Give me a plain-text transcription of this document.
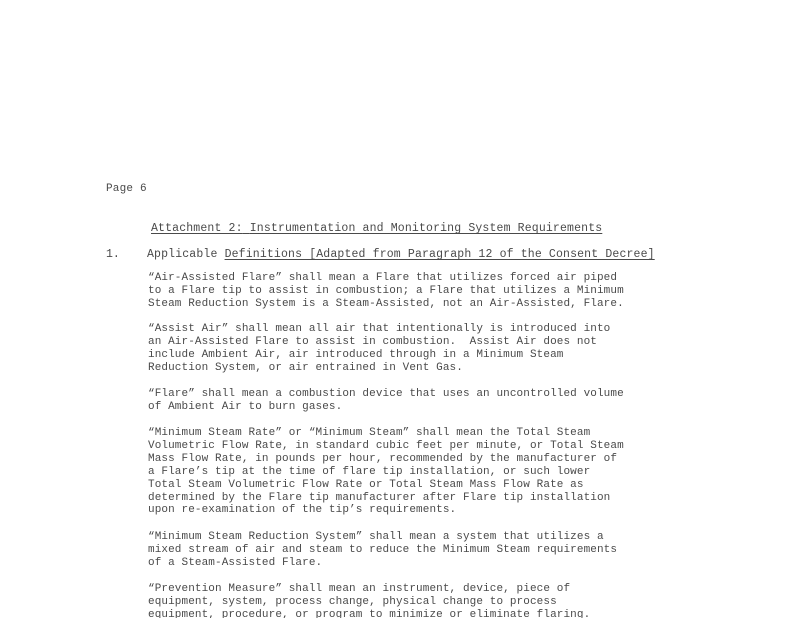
Page 6
Attachment 2: Instrumentation and Monitoring System Requirements
1. Applicable Definitions [Adapted from Paragraph 12 of the Consent Decree]
“Air-Assisted Flare” shall mean a Flare that utilizes forced air piped
to a Flare tip to assist in combustion; a Flare that utilizes a Minimum
Steam Reduction System is a Steam-Assisted, not an Air-Assisted, Flare.
“Assist Air” shall mean all air that intentionally is introduced into
an Air-Assisted Flare to assist in combustion.  Assist Air does not
include Ambient Air, air introduced through in a Minimum Steam
Reduction System, or air entrained in Vent Gas.
“Flare” shall mean a combustion device that uses an uncontrolled volume
of Ambient Air to burn gases.
“Minimum Steam Rate” or “Minimum Steam” shall mean the Total Steam
Volumetric Flow Rate, in standard cubic feet per minute, or Total Steam
Mass Flow Rate, in pounds per hour, recommended by the manufacturer of
a Flare’s tip at the time of flare tip installation, or such lower
Total Steam Volumetric Flow Rate or Total Steam Mass Flow Rate as
determined by the Flare tip manufacturer after Flare tip installation
upon re-examination of the tip’s requirements.
“Minimum Steam Reduction System” shall mean a system that utilizes a
mixed stream of air and steam to reduce the Minimum Steam requirements
of a Steam-Assisted Flare.
“Prevention Measure” shall mean an instrument, device, piece of
equipment, system, process change, physical change to process
equipment, procedure, or program to minimize or eliminate flaring.
